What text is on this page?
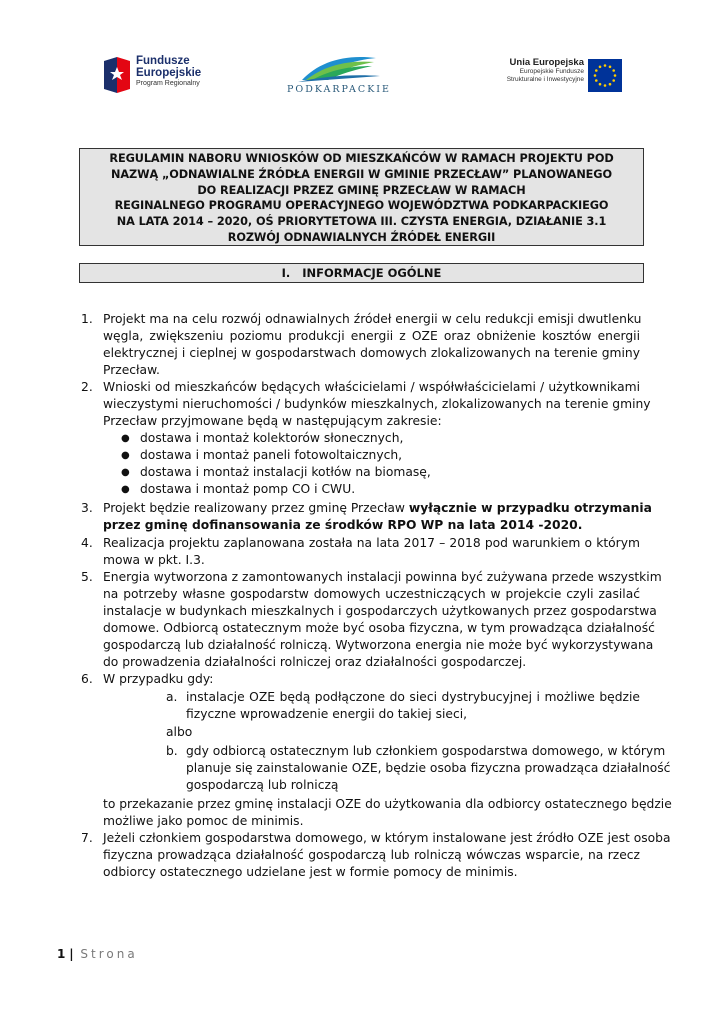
Fundusze
Europejskie
Program Regionalny
PODKARPACKIE
Unia Europejska
Europejskie Fundusze
Strukturalne i Inwestycyjne
REGULAMIN NABORU WNIOSKÓW OD MIESZKAŃCÓW W RAMACH PROJEKTU POD
NAZWĄ „ODNAWIALNE ŹRÓDŁA ENERGII W GMINIE PRZECŁAW” PLANOWANEGO
DO REALIZACJI PRZEZ GMINĘ PRZECŁAW W RAMACH
REGINALNEGO PROGRAMU OPERACYJNEGO WOJEWÓDZTWA PODKARPACKIEGO
NA LATA 2014 – 2020, OŚ PRIORYTETOWA III. CZYSTA ENERGIA, DZIAŁANIE 3.1
ROZWÓJ ODNAWIALNYCH ŹRÓDEŁ ENERGII
I.   INFORMACJE OGÓLNE
1. Projekt ma na celu rozwój odnawialnych źródeł energii w celu redukcji emisji dwutlenku
węgla, zwiększeniu poziomu produkcji energii z OZE oraz obniżenie kosztów energii
elektrycznej i cieplnej w gospodarstwach domowych zlokalizowanych na terenie gminy
Przecław.
2. Wnioski od mieszkańców będących właścicielami / współwłaścicielami / użytkownikami
wieczystymi nieruchomości / budynków mieszkalnych, zlokalizowanych na terenie gminy
Przecław przyjmowane będą w następującym zakresie:
● dostawa i montaż kolektorów słonecznych,
● dostawa i montaż paneli fotowoltaicznych,
● dostawa i montaż instalacji kotłów na biomasę,
● dostawa i montaż pomp CO i CWU.
3. Projekt będzie realizowany przez gminę Przecław wyłącznie w przypadku otrzymania
przez gminę dofinansowania ze środków RPO WP na lata 2014 -2020.
4. Realizacja projektu zaplanowana została na lata 2017 – 2018 pod warunkiem o którym
mowa w pkt. I.3.
5. Energia wytworzona z zamontowanych instalacji powinna być zużywana przede wszystkim
na potrzeby własne gospodarstw domowych uczestniczących w projekcie czyli zasilać
instalacje w budynkach mieszkalnych i gospodarczych użytkowanych przez gospodarstwa
domowe. Odbiorcą ostatecznym może być osoba fizyczna, w tym prowadząca działalność
gospodarczą lub działalność rolniczą. Wytworzona energia nie może być wykorzystywana
do prowadzenia działalności rolniczej oraz działalności gospodarczej.
6. W przypadku gdy:
a. instalacje OZE będą podłączone do sieci dystrybucyjnej i możliwe będzie
fizyczne wprowadzenie energii do takiej sieci,
albo
b. gdy odbiorcą ostatecznym lub członkiem gospodarstwa domowego, w którym
planuje się zainstalowanie OZE, będzie osoba fizyczna prowadząca działalność
gospodarczą lub rolniczą
to przekazanie przez gminę instalacji OZE do użytkowania dla odbiorcy ostatecznego będzie
możliwe jako pomoc de minimis.
7. Jeżeli członkiem gospodarstwa domowego, w którym instalowane jest źródło OZE jest osoba
fizyczna prowadząca działalność gospodarczą lub rolniczą wówczas wsparcie, na rzecz
odbiorcy ostatecznego udzielane jest w formie pomocy de minimis.
1 | Strona
